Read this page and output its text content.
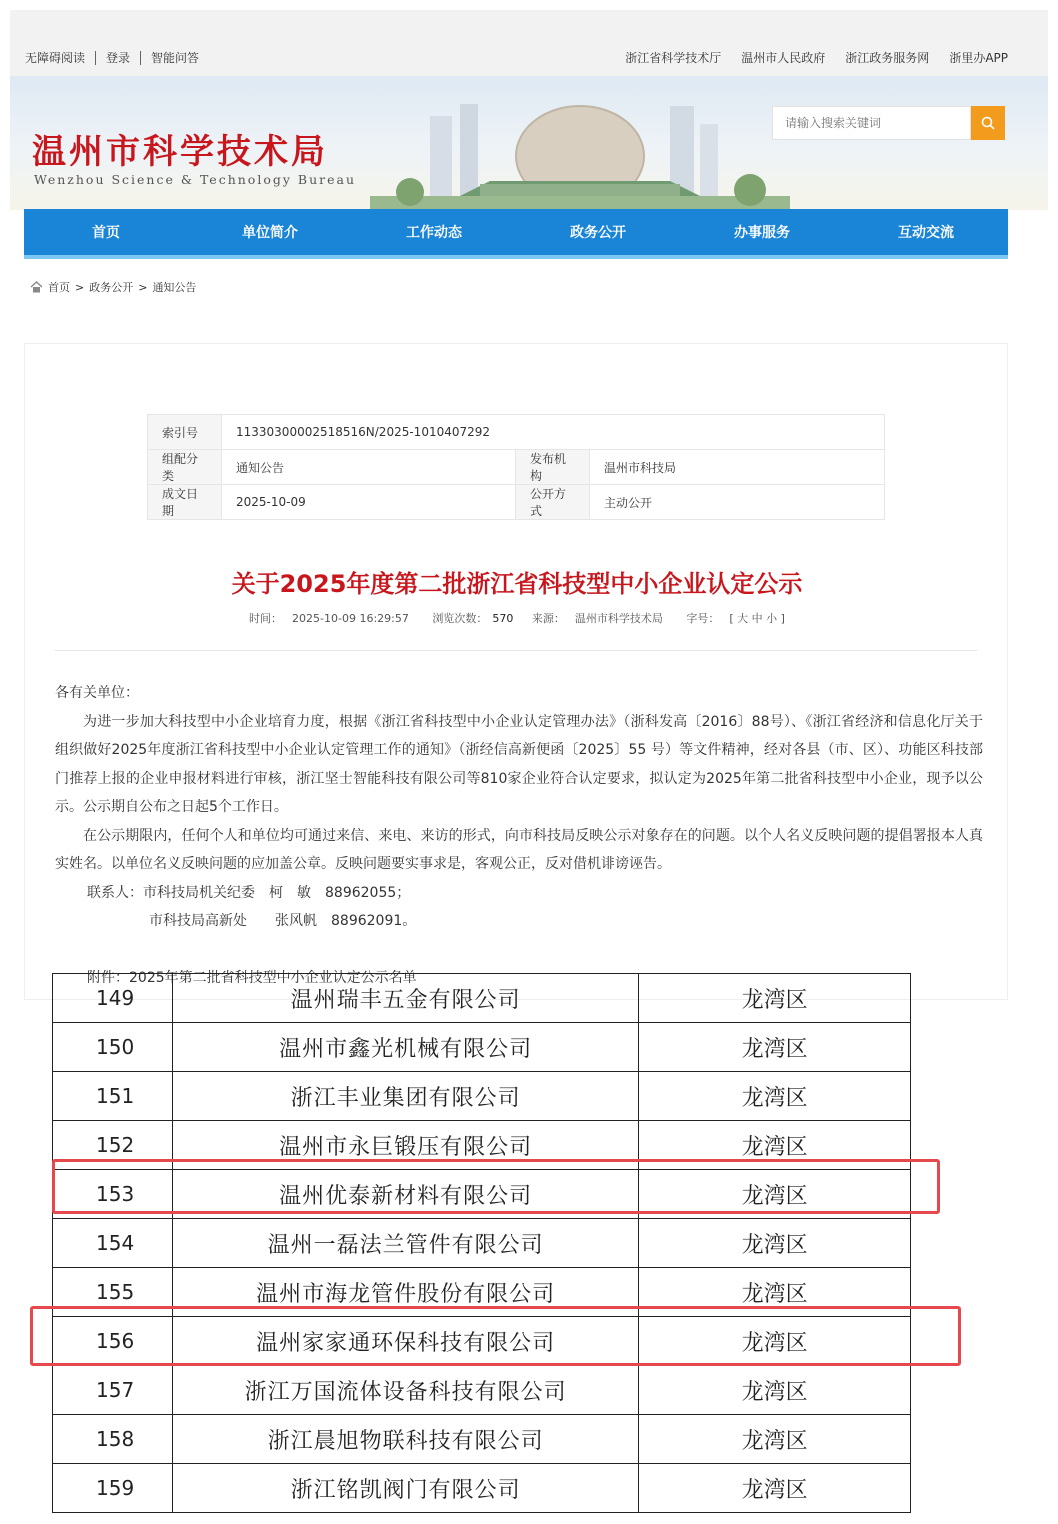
无障碍阅读 登录 智能问答	浙江省科学技术厅 温州市人民政府 浙江政务服务网 浙里办APP
温州市科学技术局
Wenzhou Science & Technology Bureau
请输入搜索关键词
首页	单位简介	工作动态	政务公开	办事服务	互动交流
首页 > 政务公开 > 通知公告
索引号	11330300002518516N/2025-1010407292		
组配分类	通知公告	发布机构	温州市科技局
成文日期	2025-10-09	公开方式	主动公开
关于2025年度第二批浙江省科技型中小企业认定公示
时间： 2025-10-09 16:29:57 浏览次数： 570 来源： 温州市科学技术局 字号： [ 大 中 小 ]

各有关单位：

为进一步加大科技型中小企业培育力度，根据《浙江省科技型中小企业认定管理办法》（浙科发高〔2016〕88号）、《浙江省经济和信息化厅关于组织做好2025年度浙江省科技型中小企业认定管理工作的通知》（浙经信高新便函〔2025〕55 号）等文件精神，经对各县（市、区）、功能区科技部门推荐上报的企业申报材料进行审核，浙江坚士智能科技有限公司等810家企业符合认定要求，拟认定为2025年第二批省科技型中小企业，现予以公示。公示期自公布之日起5个工作日。

在公示期限内，任何个人和单位均可通过来信、来电、来访的形式，向市科技局反映公示对象存在的问题。以个人名义反映问题的提倡署报本人真实姓名。以单位名义反映问题的应加盖公章。反映问题要实事求是，客观公正，反对借机诽谤诬告。

联系人：市科技局机关纪委　柯　敏　88962055；

市科技局高新处　　张风帆　88962091。

附件：2025年第二批省科技型中小企业认定公示名单

149	温州瑞丰五金有限公司	龙湾区
150	温州市鑫光机械有限公司	龙湾区
151	浙江丰业集团有限公司	龙湾区
152	温州市永巨锻压有限公司	龙湾区
153	温州优泰新材料有限公司	龙湾区
154	温州一磊法兰管件有限公司	龙湾区
155	温州市海龙管件股份有限公司	龙湾区
156	温州家家通环保科技有限公司	龙湾区
157	浙江万国流体设备科技有限公司	龙湾区
158	浙江晨旭物联科技有限公司	龙湾区
159	浙江铭凯阀门有限公司	龙湾区
